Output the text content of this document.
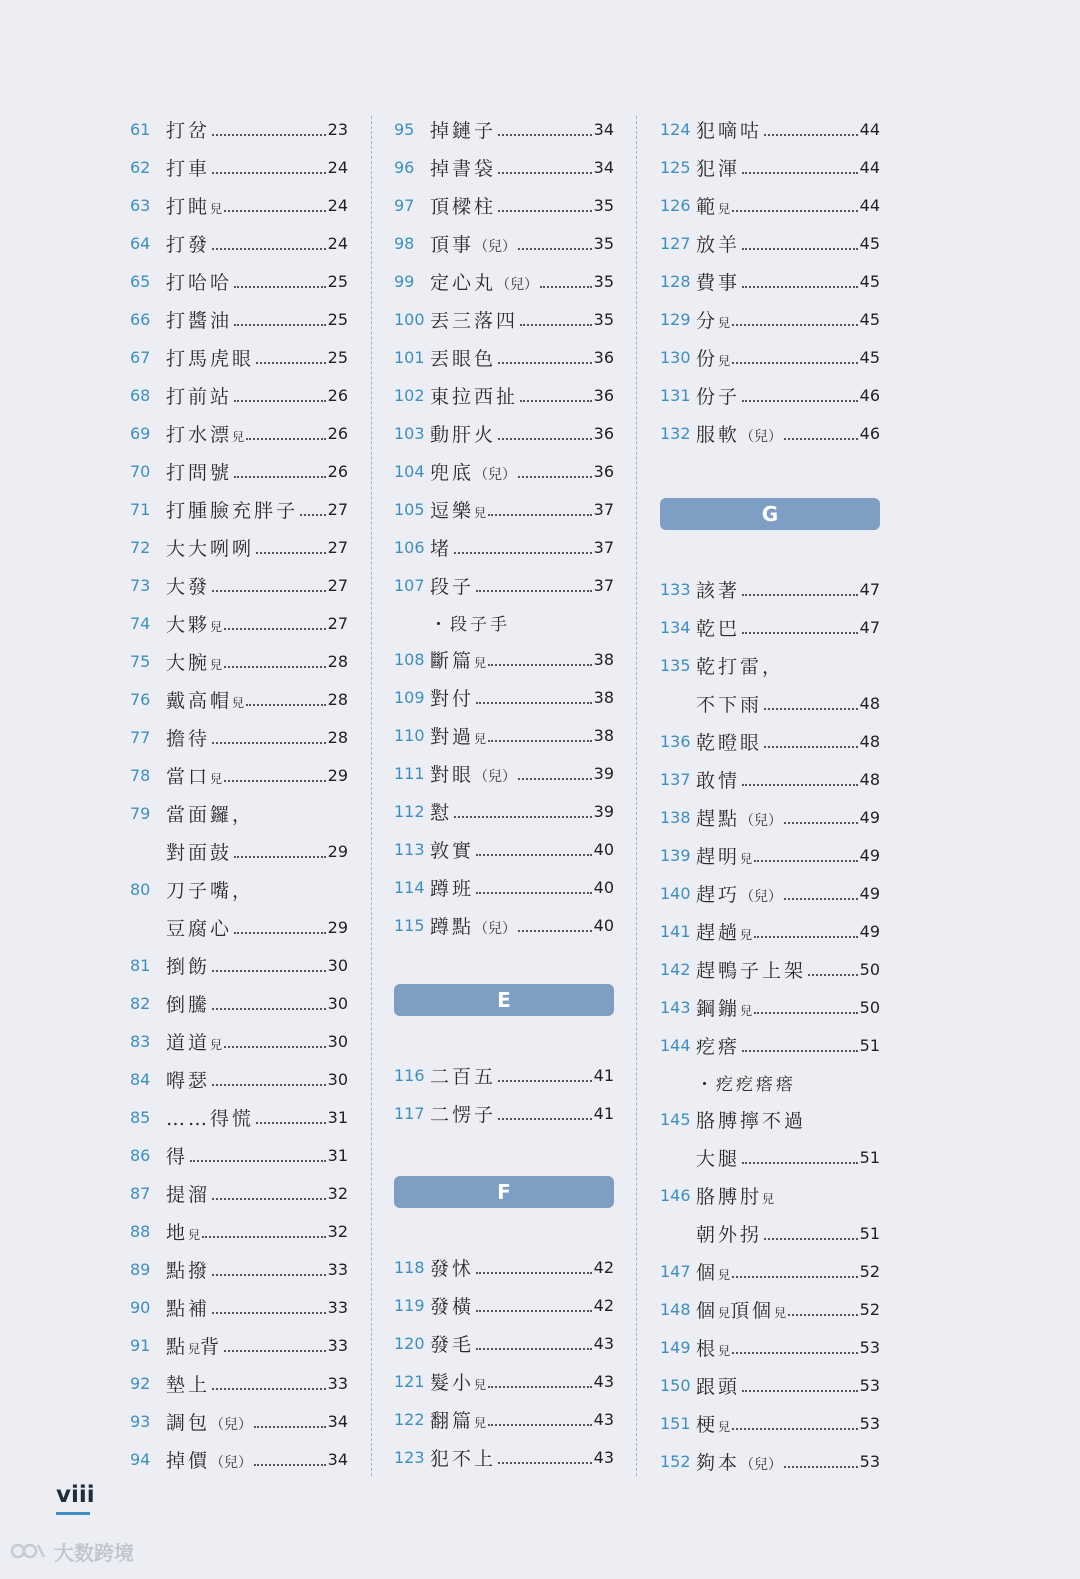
61 打岔	23
62 打車	24
63 打盹兒	24
64 打發	24
65 打哈哈	25
66 打醬油	25
67 打馬虎眼	25
68 打前站	26
69 打水漂兒	26
70 打問號	26
71 打腫臉充胖子 27
72 大大咧咧	27
73 大發	27
74 大夥兒	27
75 大腕兒	28
76 戴高帽兒	28
77 擔待	28
78 當口兒	29
79 當面鑼，
對面鼓	29
80 刀子嘴，
豆腐心	29
81 捯飭	30
82 倒騰	30
83 道道兒	30
84 嘚瑟	30
85 ……得慌	31
86 得	31
87 提溜	32
88 地兒	32
89 點撥	33
90 點補	33
91 點兒背	33
92 墊上	33
93 調包（兒）	34
94 掉價（兒）	34
95 掉鏈子	34
96 掉書袋	34
97 頂樑柱	35
98 頂事（兒）	35
99 定心丸（兒）	35
100 丟三落四	35
101 丟眼色	36
102 東拉西扯	36
103 動肝火	36
104 兜底（兒）	36
105 逗樂兒	37
106 堵	37
107 段子	37
・段子手
108 斷篇兒	38
109 對付	38
110 對過兒	38
111 對眼（兒）	39
112 懟	39
113 敦實	40
114 蹲班	40
115 蹲點（兒）	40
E
116 二百五	41
117 二愣子	41
F
118 發怵	42
119 發橫	42
120 發毛	43
121 髮小兒	43
122 翻篇兒	43
123 犯不上	43
124 犯嘀咕	44
125 犯渾	44
126 範兒	44
127 放羊	45
128 費事	45
129 分兒	45
130 份兒	45
131 份子	46
132 服軟（兒）	46
G
133 該著	47
134 乾巴	47
135 乾打雷，
不下雨	48
136 乾瞪眼	48
137 敢情	48
138 趕點（兒）	49
139 趕明兒	49
140 趕巧（兒）	49
141 趕趟兒	49
142 趕鴨子上架	50
143 鋼鏰兒	50
144 疙瘩	51
・疙疙瘩瘩
145 胳膊擰不過
大腿	51
146 胳膊肘兒
朝外拐	51
147 個兒	52
148 個兒頂個兒	52
149 根兒	53
150 跟頭	53
151 梗兒	53
152 夠本（兒）	53
viii
大数跨境
